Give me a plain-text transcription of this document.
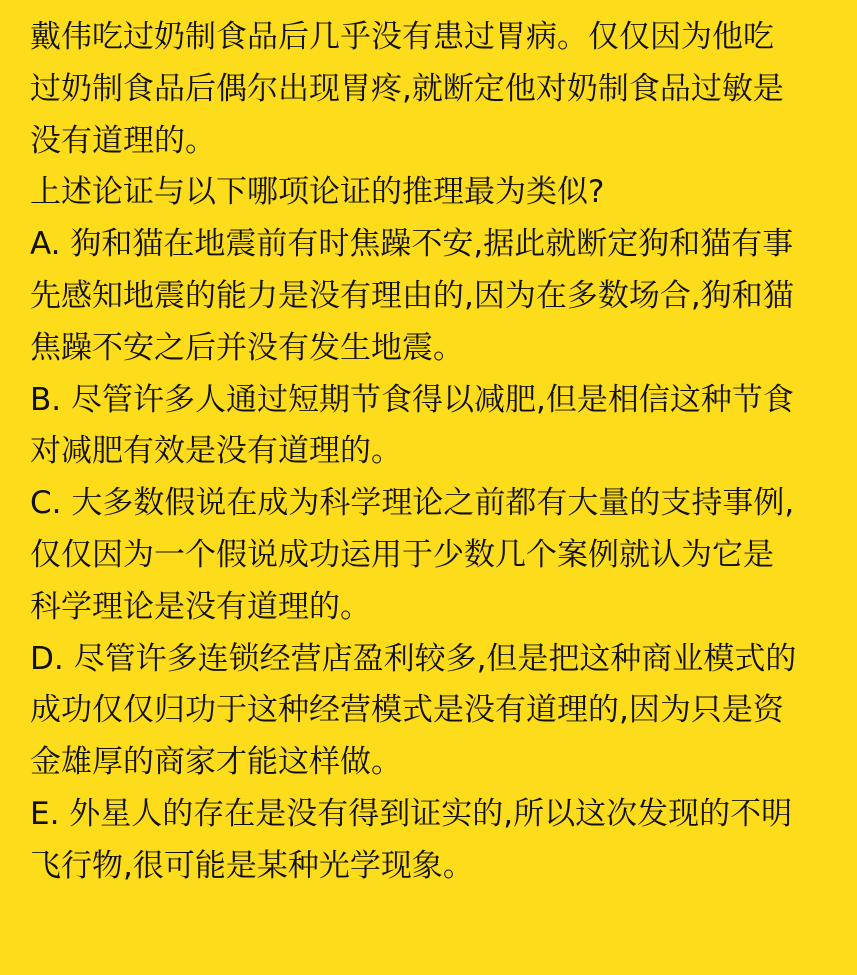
戴伟吃过奶制食品后几乎没有患过胃病。仅仅因为他吃
过奶制食品后偶尔出现胃疼,就断定他对奶制食品过敏是
没有道理的。
上述论证与以下哪项论证的推理最为类似?
A. 狗和猫在地震前有时焦躁不安,据此就断定狗和猫有事
先感知地震的能力是没有理由的,因为在多数场合,狗和猫
焦躁不安之后并没有发生地震。
B. 尽管许多人通过短期节食得以减肥,但是相信这种节食
对减肥有效是没有道理的。
C. 大多数假说在成为科学理论之前都有大量的支持事例,
仅仅因为一个假说成功运用于少数几个案例就认为它是
科学理论是没有道理的。
D. 尽管许多连锁经营店盈利较多,但是把这种商业模式的
成功仅仅归功于这种经营模式是没有道理的,因为只是资
金雄厚的商家才能这样做。
E. 外星人的存在是没有得到证实的,所以这次发现的不明
飞行物,很可能是某种光学现象。
